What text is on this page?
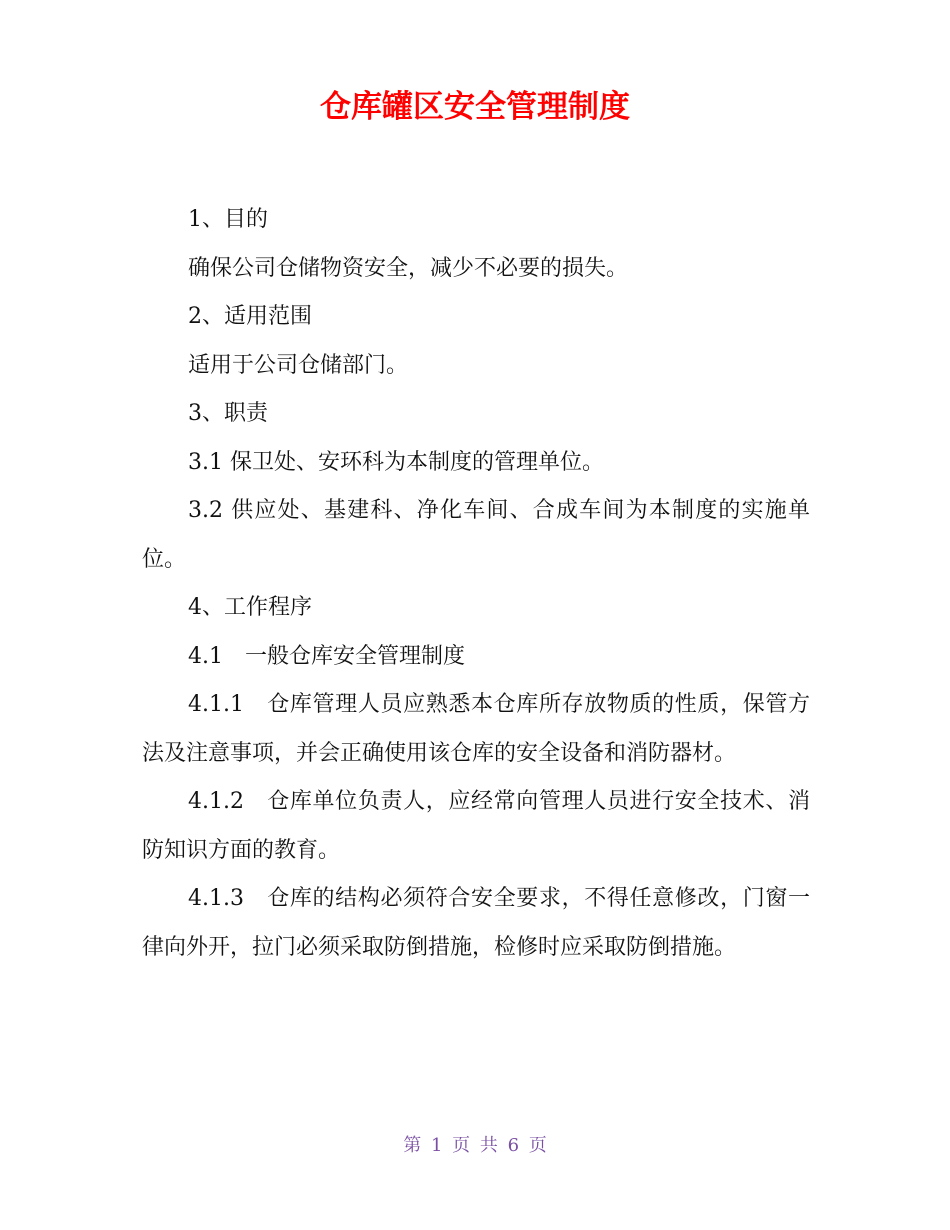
仓库罐区安全管理制度

1、目的

确保公司仓储物资安全，减少不必要的损失。

2、适用范围

适用于公司仓储部门。

3、职责

3.1 保卫处、安环科为本制度的管理单位。

3.2 供应处、基建科、净化车间、合成车间为本制度的实施单位。

4、工作程序

4.1　一般仓库安全管理制度

4.1.1　仓库管理人员应熟悉本仓库所存放物质的性质，保管方法及注意事项，并会正确使用该仓库的安全设备和消防器材。

4.1.2　仓库单位负责人，应经常向管理人员进行安全技术、消防知识方面的教育。

4.1.3　仓库的结构必须符合安全要求，不得任意修改，门窗一律向外开，拉门必须采取防倒措施，检修时应采取防倒措施。

第 1 页 共 6 页
